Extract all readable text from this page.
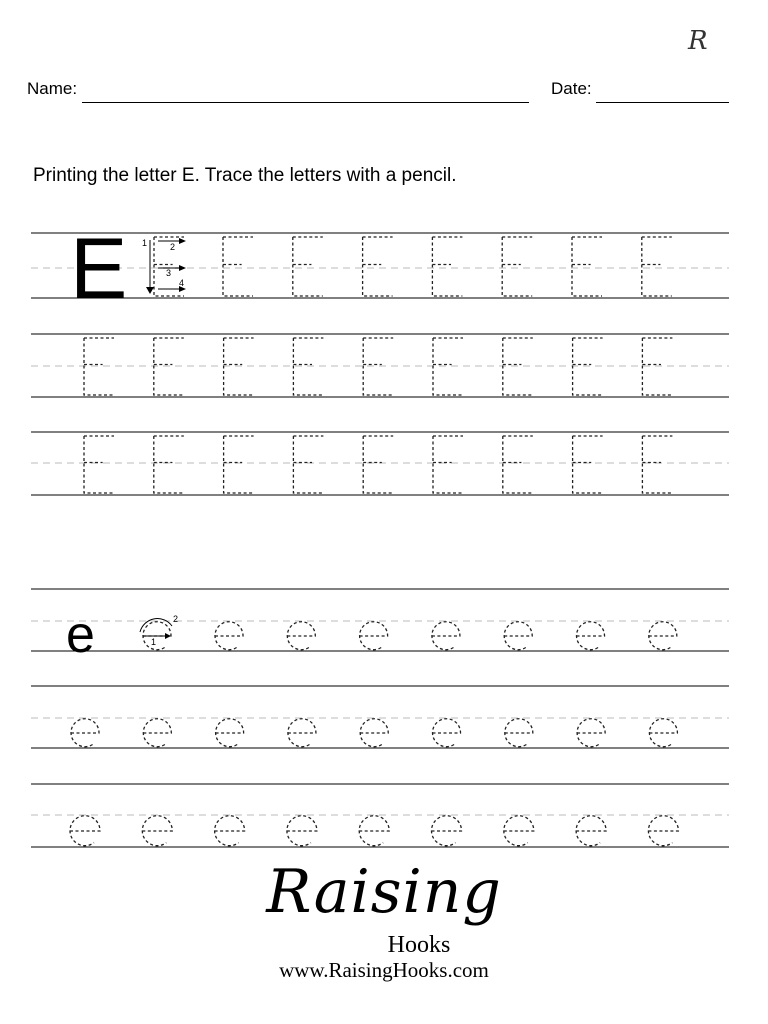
R
Name:	Date:
Printing the letter E. Trace the letters with a pencil.
E 1	2
3
4
e	1
2
Raising
Hooks
www.RaisingHooks.com
